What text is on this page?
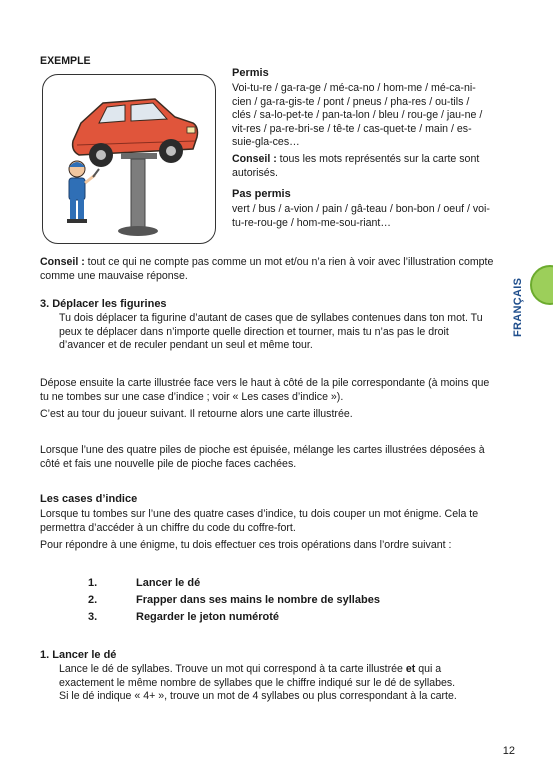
EXEMPLE
Permis
Voi-tu-re / ga-ra-ge / mé-ca-no / hom-me / mé-ca-ni-cien / ga-ra-gis-te / pont / pneus / pha-res / ou-tils / clés / sa-lo-pet-te / pan-ta-lon / bleu / rou-ge / jau-ne / vit-res / pa-re-bri-se / tê-te / cas-quet-te / main / es-suie-gla-ces…
Conseil : tous les mots représentés sur la carte sont autorisés.
Pas permis
vert / bus / a-vion / pain / gâ-teau / bon-bon / oeuf / voi-tu-re-rou-ge / hom-me-sou-riant…
Conseil : tout ce qui ne compte pas comme un mot et/ou n’a rien à voir avec l’illustration compte comme une mauvaise réponse.
3. Déplacer les figurines
Tu dois déplacer ta figurine d’autant de cases que de syllabes contenues dans ton mot. Tu peux te déplacer dans n’importe quelle direction et tourner, mais tu n’as pas le droit d’avancer et de reculer pendant un seul et même tour.
Dépose ensuite la carte illustrée face vers le haut à côté de la pile correspondante (à moins que tu ne tombes sur une case d’indice ; voir « Les cases d’indice »).
C’est au tour du joueur suivant. Il retourne alors une carte illustrée.
Lorsque l’une des quatre piles de pioche est épuisée, mélange les cartes illustrées déposées à côté et fais une nouvelle pile de pioche faces cachées.
Les cases d’indice
Lorsque tu tombes sur l’une des quatre cases d’indice, tu dois couper un mot énigme. Cela te permettra d’accéder à un chiffre du code du coffre-fort.
Pour répondre à une énigme, tu dois effectuer ces trois opérations dans l’ordre suivant :
1.	Lancer le dé
2.	Frapper dans ses mains le nombre de syllabes
3.	Regarder le jeton numéroté
1. Lancer le dé
Lance le dé de syllabes. Trouve un mot qui correspond à ta carte illustrée et qui a exactement le même nombre de syllabes que le chiffre indiqué sur le dé de syllabes.
Si le dé indique « 4+ », trouve un mot de 4 syllabes ou plus correspondant à la carte.
FRANÇAIS
12
